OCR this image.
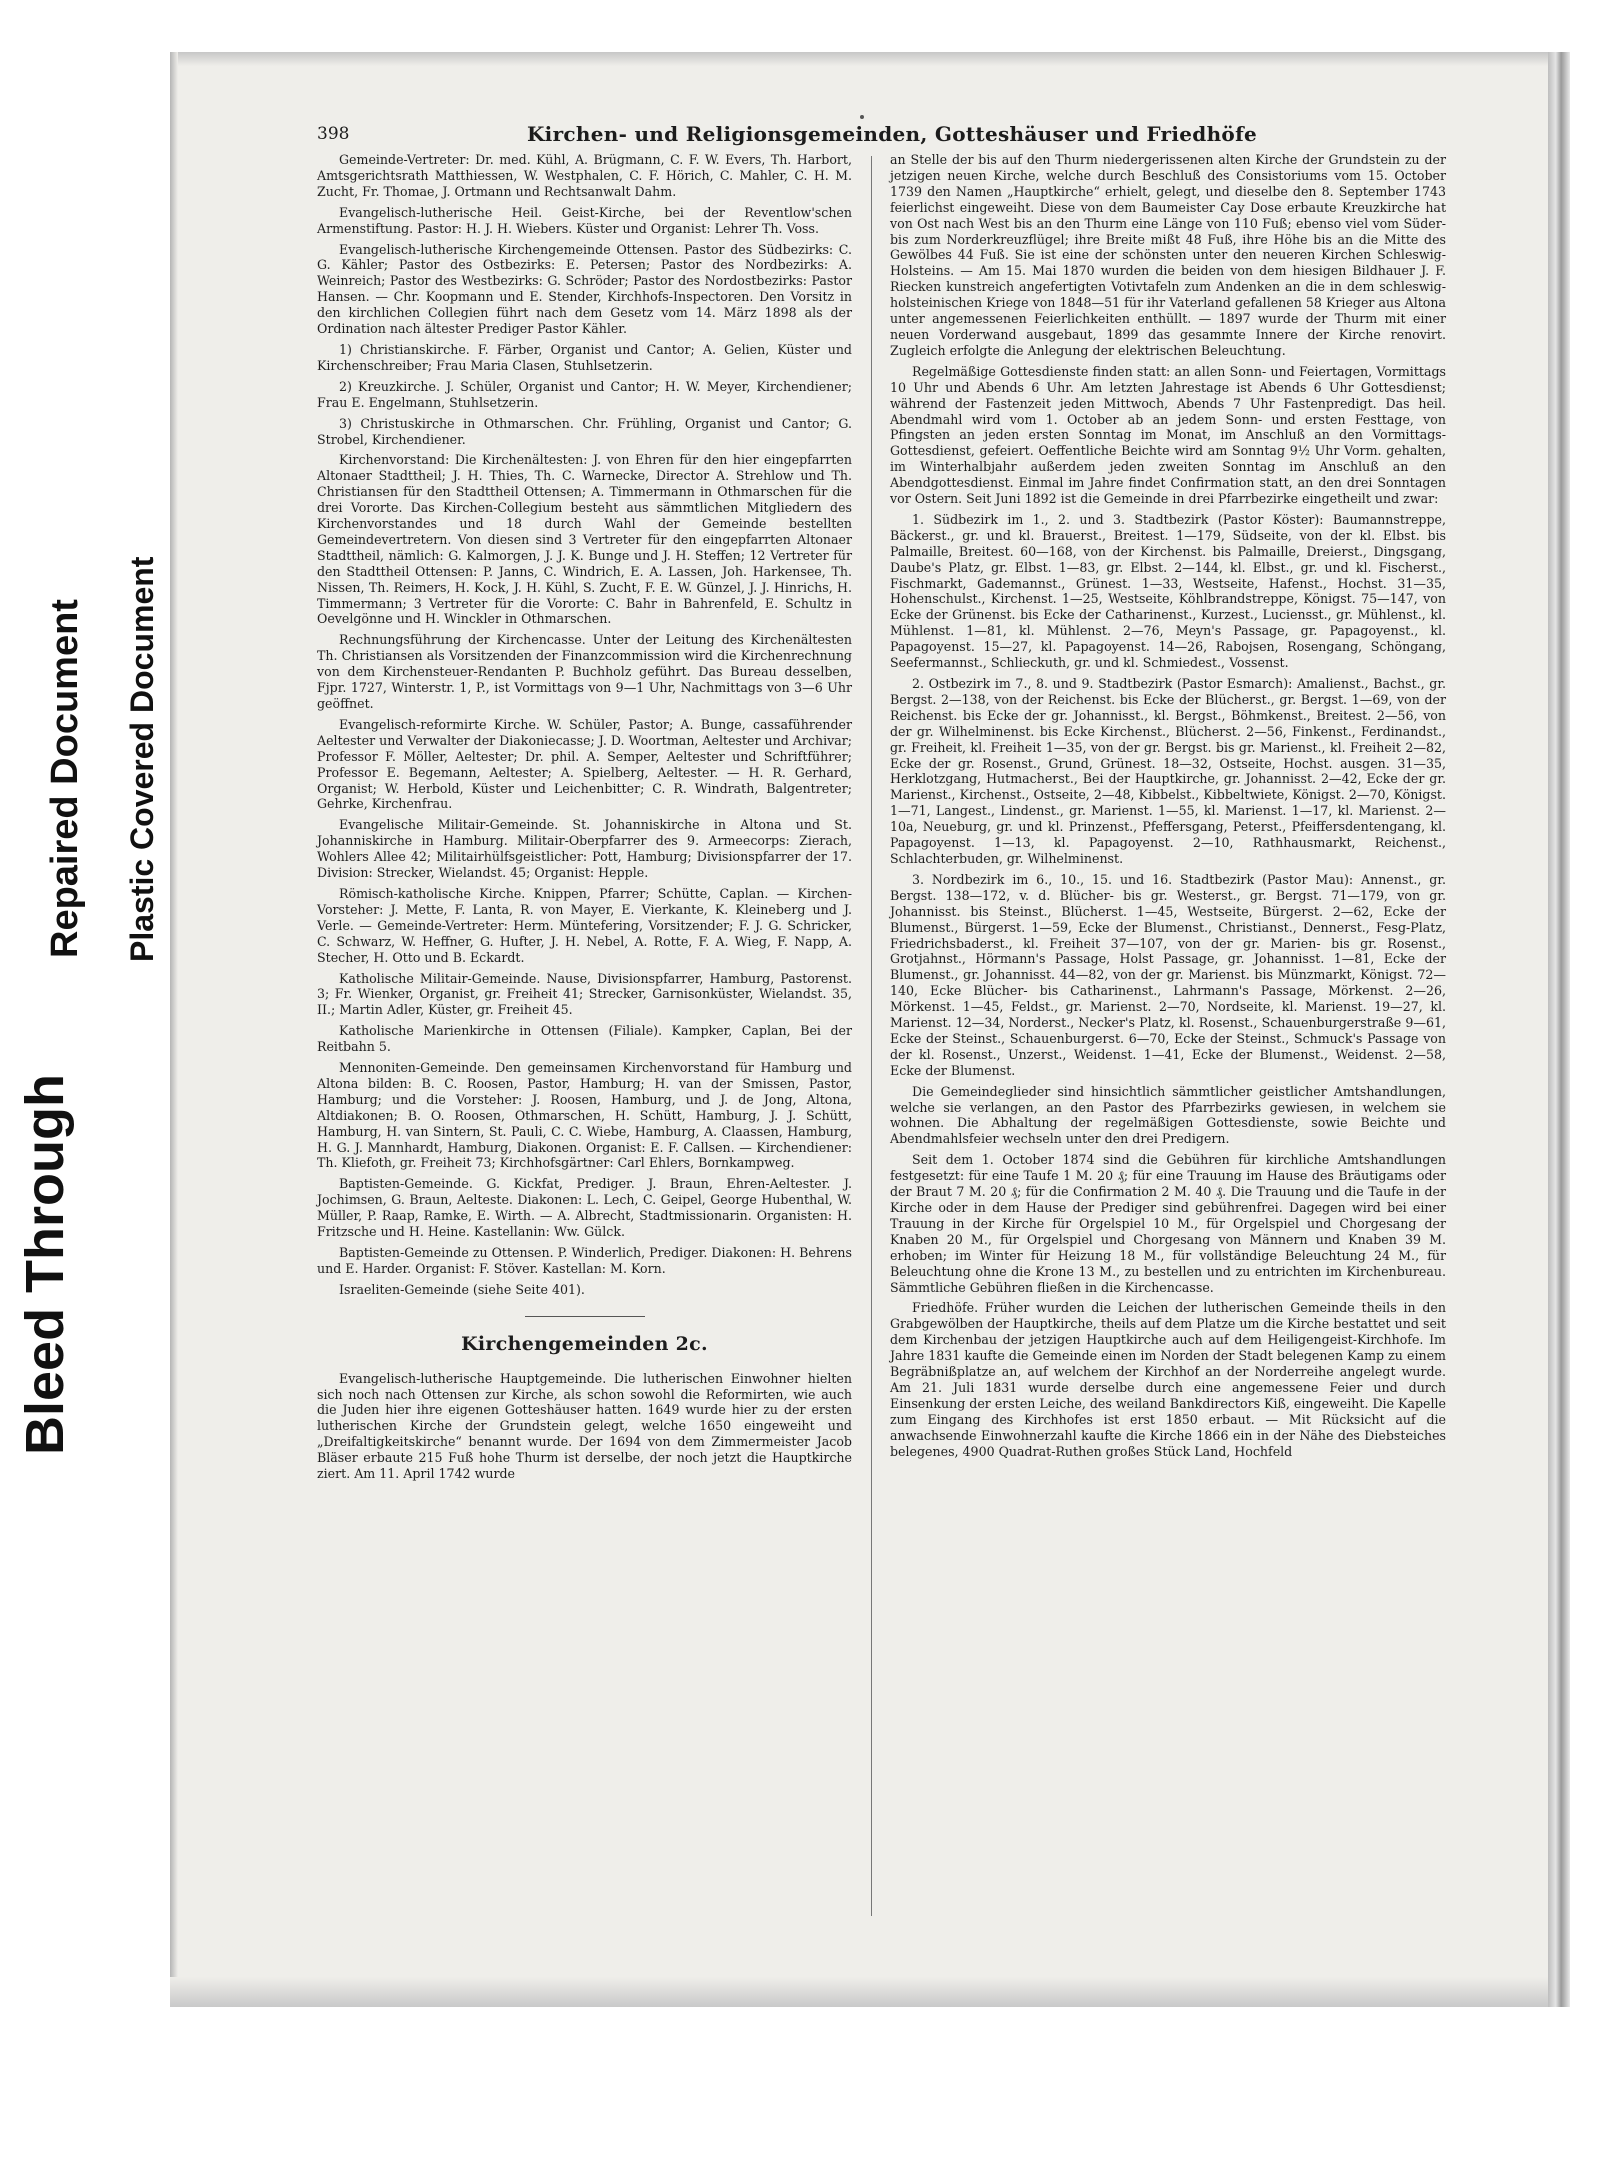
Bleed Through
Repaired Document Plastic Covered Document
398	Kirchen- und Religionsgemeinden, Gotteshäuser und Friedhöfe

Gemeinde-Vertreter: Dr. med. Kühl, A. Brügmann, C. F. W. Evers, Th. Harbort, Amtsgerichtsrath Matthiessen, W. Westphalen, C. F. Hörich, C. Mahler, C. H. M. Zucht, Fr. Thomae, J. Ortmann und Rechtsanwalt Dahm.

Evangelisch-lutherische Heil. Geist-Kirche, bei der Reventlow'schen Armenstiftung. Pastor: H. J. H. Wiebers. Küster und Organist: Lehrer Th. Voss.

Evangelisch-lutherische Kirchengemeinde Ottensen. Pastor des Südbezirks: C. G. Kähler; Pastor des Ostbezirks: E. Petersen; Pastor des Nordbezirks: A. Weinreich; Pastor des Westbezirks: G. Schröder; Pastor des Nordostbezirks: Pastor Hansen. — Chr. Koopmann und E. Stender, Kirchhofs-Inspectoren. Den Vorsitz in den kirchlichen Collegien führt nach dem Gesetz vom 14. März 1898 als der Ordination nach ältester Prediger Pastor Kähler.

1) Christianskirche. F. Färber, Organist und Cantor; A. Gelien, Küster und Kirchenschreiber; Frau Maria Clasen, Stuhlsetzerin.

2) Kreuzkirche. J. Schüler, Organist und Cantor; H. W. Meyer, Kirchendiener; Frau E. Engelmann, Stuhlsetzerin.

3) Christuskirche in Othmarschen. Chr. Frühling, Organist und Cantor; G. Strobel, Kirchendiener.

Kirchenvorstand: Die Kirchenältesten: J. von Ehren für den hier eingepfarrten Altonaer Stadttheil; J. H. Thies, Th. C. Warnecke, Director A. Strehlow und Th. Christiansen für den Stadttheil Ottensen; A. Timmermann in Othmarschen für die drei Vororte. Das Kirchen-Collegium besteht aus sämmtlichen Mitgliedern des Kirchenvorstandes und 18 durch Wahl der Gemeinde bestellten Gemeindevertretern. Von diesen sind 3 Vertreter für den eingepfarrten Altonaer Stadttheil, nämlich: G. Kalmorgen, J. J. K. Bunge und J. H. Steffen; 12 Vertreter für den Stadttheil Ottensen: P. Janns, C. Windrich, E. A. Lassen, Joh. Harkensee, Th. Nissen, Th. Reimers, H. Kock, J. H. Kühl, S. Zucht, F. E. W. Günzel, J. J. Hinrichs, H. Timmermann; 3 Vertreter für die Vororte: C. Bahr in Bahrenfeld, E. Schultz in Oevelgönne und H. Winckler in Othmarschen.

Rechnungsführung der Kirchencasse. Unter der Leitung des Kirchenältesten Th. Christiansen als Vorsitzenden der Finanzcommission wird die Kirchenrechnung von dem Kirchensteuer-Rendanten P. Buchholz geführt. Das Bureau desselben, Fjpr. 1727, Winterstr. 1, P., ist Vormittags von 9—1 Uhr, Nachmittags von 3—6 Uhr geöffnet.

Evangelisch-reformirte Kirche. W. Schüler, Pastor; A. Bunge, cassaführender Aeltester und Verwalter der Diakoniecasse; J. D. Woortman, Aeltester und Archivar; Professor F. Möller, Aeltester; Dr. phil. A. Semper, Aeltester und Schriftführer; Professor E. Begemann, Aeltester; A. Spielberg, Aeltester. — H. R. Gerhard, Organist; W. Herbold, Küster und Leichenbitter; C. R. Windrath, Balgentreter; Gehrke, Kirchenfrau.

Evangelische Militair-Gemeinde. St. Johanniskirche in Altona und St. Johanniskirche in Hamburg. Militair-Oberpfarrer des 9. Armeecorps: Zierach, Wohlers Allee 42; Militairhülfsgeistlicher: Pott, Hamburg; Divisionspfarrer der 17. Division: Strecker, Wielandst. 45; Organist: Hepple.

Römisch-katholische Kirche. Knippen, Pfarrer; Schütte, Caplan. — Kirchen-Vorsteher: J. Mette, F. Lanta, R. von Mayer, E. Vierkante, K. Kleineberg und J. Verle. — Gemeinde-Vertreter: Herm. Müntefering, Vorsitzender; F. J. G. Schricker, C. Schwarz, W. Heffner, G. Hufter, J. H. Nebel, A. Rotte, F. A. Wieg, F. Napp, A. Stecher, H. Otto und B. Eckardt.

Katholische Militair-Gemeinde. Nause, Divisionspfarrer, Hamburg, Pastorenst. 3; Fr. Wienker, Organist, gr. Freiheit 41; Strecker, Garnisonküster, Wielandst. 35, II.; Martin Adler, Küster, gr. Freiheit 45.

Katholische Marienkirche in Ottensen (Filiale). Kampker, Caplan, Bei der Reitbahn 5.

Mennoniten-Gemeinde. Den gemeinsamen Kirchenvorstand für Hamburg und Altona bilden: B. C. Roosen, Pastor, Hamburg; H. van der Smissen, Pastor, Hamburg; und die Vorsteher: J. Roosen, Hamburg, und J. de Jong, Altona, Altdiakonen; B. O. Roosen, Othmarschen, H. Schütt, Hamburg, J. J. Schütt, Hamburg, H. van Sintern, St. Pauli, C. C. Wiebe, Hamburg, A. Claassen, Hamburg, H. G. J. Mannhardt, Hamburg, Diakonen. Organist: E. F. Callsen. — Kirchendiener: Th. Kliefoth, gr. Freiheit 73; Kirchhofsgärtner: Carl Ehlers, Bornkampweg.

Baptisten-Gemeinde. G. Kickfat, Prediger. J. Braun, Ehren-Aeltester. J. Jochimsen, G. Braun, Aelteste. Diakonen: L. Lech, C. Geipel, George Hubenthal, W. Müller, P. Raap, Ramke, E. Wirth. — A. Albrecht, Stadtmissionarin. Organisten: H. Fritzsche und H. Heine. Kastellanin: Ww. Gülck.

Baptisten-Gemeinde zu Ottensen. P. Winderlich, Prediger. Diakonen: H. Behrens und E. Harder. Organist: F. Stöver. Kastellan: M. Korn.

Israeliten-Gemeinde (siehe Seite 401).

Kirchengemeinden 2c.

Evangelisch-lutherische Hauptgemeinde. Die lutherischen Einwohner hielten sich noch nach Ottensen zur Kirche, als schon sowohl die Reformirten, wie auch die Juden hier ihre eigenen Gotteshäuser hatten. 1649 wurde hier zu der ersten lutherischen Kirche der Grundstein gelegt, welche 1650 eingeweiht und „Dreifaltigkeitskirche“ benannt wurde. Der 1694 von dem Zimmermeister Jacob Bläser erbaute 215 Fuß hohe Thurm ist derselbe, der noch jetzt die Hauptkirche ziert. Am 11. April 1742 wurde

an Stelle der bis auf den Thurm niedergerissenen alten Kirche der Grundstein zu der jetzigen neuen Kirche, welche durch Beschluß des Consistoriums vom 15. October 1739 den Namen „Hauptkirche“ erhielt, gelegt, und dieselbe den 8. September 1743 feierlichst eingeweiht. Diese von dem Baumeister Cay Dose erbaute Kreuzkirche hat von Ost nach West bis an den Thurm eine Länge von 110 Fuß; ebenso viel vom Süder- bis zum Norderkreuzflügel; ihre Breite mißt 48 Fuß, ihre Höhe bis an die Mitte des Gewölbes 44 Fuß. Sie ist eine der schönsten unter den neueren Kirchen Schleswig-Holsteins. — Am 15. Mai 1870 wurden die beiden von dem hiesigen Bildhauer J. F. Riecken kunstreich angefertigten Votivtafeln zum Andenken an die in dem schleswig-holsteinischen Kriege von 1848—51 für ihr Vaterland gefallenen 58 Krieger aus Altona unter angemessenen Feierlichkeiten enthüllt. — 1897 wurde der Thurm mit einer neuen Vorderwand ausgebaut, 1899 das gesammte Innere der Kirche renovirt. Zugleich erfolgte die Anlegung der elektrischen Beleuchtung.

Regelmäßige Gottesdienste finden statt: an allen Sonn- und Feiertagen, Vormittags 10 Uhr und Abends 6 Uhr. Am letzten Jahrestage ist Abends 6 Uhr Gottesdienst; während der Fastenzeit jeden Mittwoch, Abends 7 Uhr Fastenpredigt. Das heil. Abendmahl wird vom 1. October ab an jedem Sonn- und ersten Festtage, von Pfingsten an jeden ersten Sonntag im Monat, im Anschluß an den Vormittags-Gottesdienst, gefeiert. Oeffentliche Beichte wird am Sonntag 9½ Uhr Vorm. gehalten, im Winterhalbjahr außerdem jeden zweiten Sonntag im Anschluß an den Abendgottesdienst. Einmal im Jahre findet Confirmation statt, an den drei Sonntagen vor Ostern. Seit Juni 1892 ist die Gemeinde in drei Pfarrbezirke eingetheilt und zwar:

1. Südbezirk im 1., 2. und 3. Stadtbezirk (Pastor Köster): Baumannstreppe, Bäckerst., gr. und kl. Brauerst., Breitest. 1—179, Südseite, von der kl. Elbst. bis Palmaille, Breitest. 60—168, von der Kirchenst. bis Palmaille, Dreierst., Dingsgang, Daube's Platz, gr. Elbst. 1—83, gr. Elbst. 2—144, kl. Elbst., gr. und kl. Fischerst., Fischmarkt, Gademannst., Grünest. 1—33, Westseite, Hafenst., Hochst. 31—35, Hohenschulst., Kirchenst. 1—25, Westseite, Köhlbrandstreppe, Königst. 75—147, von Ecke der Grünenst. bis Ecke der Catharinenst., Kurzest., Luciensst., gr. Mühlenst., kl. Mühlenst. 1—81, kl. Mühlenst. 2—76, Meyn's Passage, gr. Papagoyenst., kl. Papagoyenst. 15—27, kl. Papagoyenst. 14—26, Rabojsen, Rosengang, Schöngang, Seefermannst., Schlieckuth, gr. und kl. Schmiedest., Vossenst.

2. Ostbezirk im 7., 8. und 9. Stadtbezirk (Pastor Esmarch): Amalienst., Bachst., gr. Bergst. 2—138, von der Reichenst. bis Ecke der Blücherst., gr. Bergst. 1—69, von der Reichenst. bis Ecke der gr. Johannisst., kl. Bergst., Böhmkenst., Breitest. 2—56, von der gr. Wilhelminenst. bis Ecke Kirchenst., Blücherst. 2—56, Finkenst., Ferdinandst., gr. Freiheit, kl. Freiheit 1—35, von der gr. Bergst. bis gr. Marienst., kl. Freiheit 2—82, Ecke der gr. Rosenst., Grund, Grünest. 18—32, Ostseite, Hochst. ausgen. 31—35, Herklotzgang, Hutmacherst., Bei der Hauptkirche, gr. Johannisst. 2—42, Ecke der gr. Marienst., Kirchenst., Ostseite, 2—48, Kibbelst., Kibbeltwiete, Königst. 2—70, Königst. 1—71, Langest., Lindenst., gr. Marienst. 1—55, kl. Marienst. 1—17, kl. Marienst. 2—10a, Neueburg, gr. und kl. Prinzenst., Pfeffersgang, Peterst., Pfeiffersdentengang, kl. Papagoyenst. 1—13, kl. Papagoyenst. 2—10, Rathhausmarkt, Reichenst., Schlachterbuden, gr. Wilhelminenst.

3. Nordbezirk im 6., 10., 15. und 16. Stadtbezirk (Pastor Mau): Annenst., gr. Bergst. 138—172, v. d. Blücher- bis gr. Westerst., gr. Bergst. 71—179, von gr. Johannisst. bis Steinst., Blücherst. 1—45, Westseite, Bürgerst. 2—62, Ecke der Blumenst., Bürgerst. 1—59, Ecke der Blumenst., Christianst., Dennerst., Fesg-Platz, Friedrichsbaderst., kl. Freiheit 37—107, von der gr. Marien- bis gr. Rosenst., Grotjahnst., Hörmann's Passage, Holst Passage, gr. Johannisst. 1—81, Ecke der Blumenst., gr. Johannisst. 44—82, von der gr. Marienst. bis Münzmarkt, Königst. 72—140, Ecke Blücher- bis Catharinenst., Lahrmann's Passage, Mörkenst. 2—26, Mörkenst. 1—45, Feldst., gr. Marienst. 2—70, Nordseite, kl. Marienst. 19—27, kl. Marienst. 12—34, Norderst., Necker's Platz, kl. Rosenst., Schauenburgerstraße 9—61, Ecke der Steinst., Schauenburgerst. 6—70, Ecke der Steinst., Schmuck's Passage von der kl. Rosenst., Unzerst., Weidenst. 1—41, Ecke der Blumenst., Weidenst. 2—58, Ecke der Blumenst.

Die Gemeindeglieder sind hinsichtlich sämmtlicher geistlicher Amtshandlungen, welche sie verlangen, an den Pastor des Pfarrbezirks gewiesen, in welchem sie wohnen. Die Abhaltung der regelmäßigen Gottesdienste, sowie Beichte und Abendmahlsfeier wechseln unter den drei Predigern.

Seit dem 1. October 1874 sind die Gebühren für kirchliche Amtshandlungen festgesetzt: für eine Taufe 1 M. 20 ₰; für eine Trauung im Hause des Bräutigams oder der Braut 7 M. 20 ₰; für die Confirmation 2 M. 40 ₰. Die Trauung und die Taufe in der Kirche oder in dem Hause der Prediger sind gebührenfrei. Dagegen wird bei einer Trauung in der Kirche für Orgelspiel 10 M., für Orgelspiel und Chorgesang der Knaben 20 M., für Orgelspiel und Chorgesang von Männern und Knaben 39 M. erhoben; im Winter für Heizung 18 M., für vollständige Beleuchtung 24 M., für Beleuchtung ohne die Krone 13 M., zu bestellen und zu entrichten im Kirchenbureau. Sämmtliche Gebühren fließen in die Kirchencasse.

Friedhöfe. Früher wurden die Leichen der lutherischen Gemeinde theils in den Grabgewölben der Hauptkirche, theils auf dem Platze um die Kirche bestattet und seit dem Kirchenbau der jetzigen Hauptkirche auch auf dem Heiligengeist-Kirchhofe. Im Jahre 1831 kaufte die Gemeinde einen im Norden der Stadt belegenen Kamp zu einem Begräbnißplatze an, auf welchem der Kirchhof an der Norderreihe angelegt wurde. Am 21. Juli 1831 wurde derselbe durch eine angemessene Feier und durch Einsenkung der ersten Leiche, des weiland Bankdirectors Kiß, eingeweiht. Die Kapelle zum Eingang des Kirchhofes ist erst 1850 erbaut. — Mit Rücksicht auf die anwachsende Einwohnerzahl kaufte die Kirche 1866 ein in der Nähe des Diebsteiches belegenes, 4900 Quadrat-Ruthen großes Stück Land, Hochfeld
